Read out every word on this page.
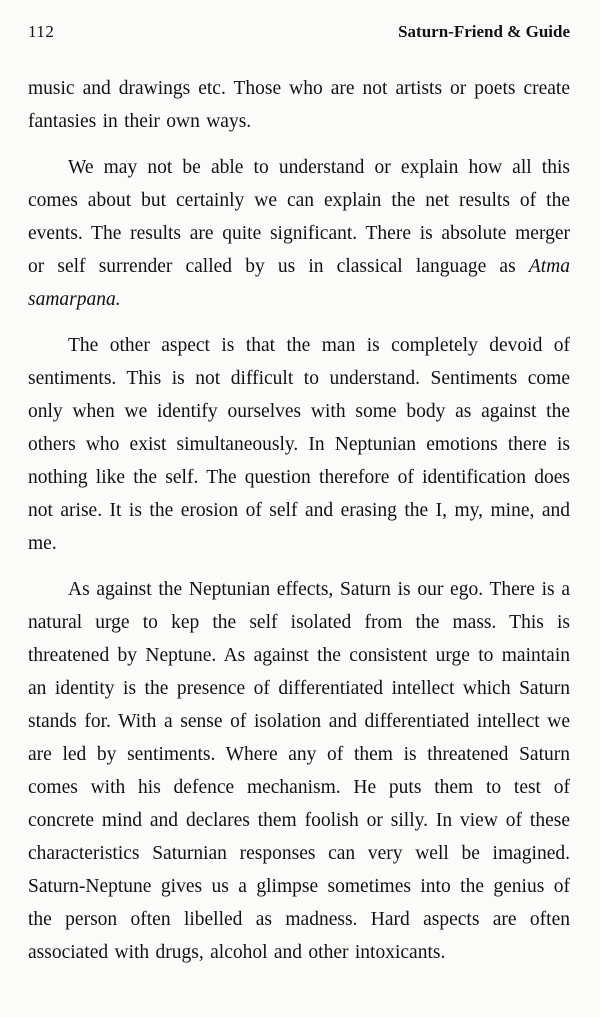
112	Saturn-Friend & Guide

music and drawings etc. Those who are not artists or poets create fantasies in their own ways.

We may not be able to understand or explain how all this comes about but certainly we can explain the net results of the events. The results are quite significant. There is absolute merger or self surrender called by us in classical language as Atma samarpana.

The other aspect is that the man is completely devoid of sentiments. This is not difficult to understand. Sentiments come only when we identify ourselves with some body as against the others who exist simultaneously. In Neptunian emotions there is nothing like the self. The question therefore of identification does not arise. It is the erosion of self and erasing the I, my, mine, and me.

As against the Neptunian effects, Saturn is our ego. There is a natural urge to kep the self isolated from the mass. This is threatened by Neptune. As against the consistent urge to maintain an identity is the presence of differentiated intellect which Saturn stands for. With a sense of isolation and differentiated intellect we are led by sentiments. Where any of them is threatened Saturn comes with his defence mechanism. He puts them to test of concrete mind and declares them foolish or silly. In view of these characteristics Saturnian responses can very well be imagined. Saturn-Neptune gives us a glimpse sometimes into the genius of the person often libelled as madness. Hard aspects are often associated with drugs, alcohol and other intoxicants.
